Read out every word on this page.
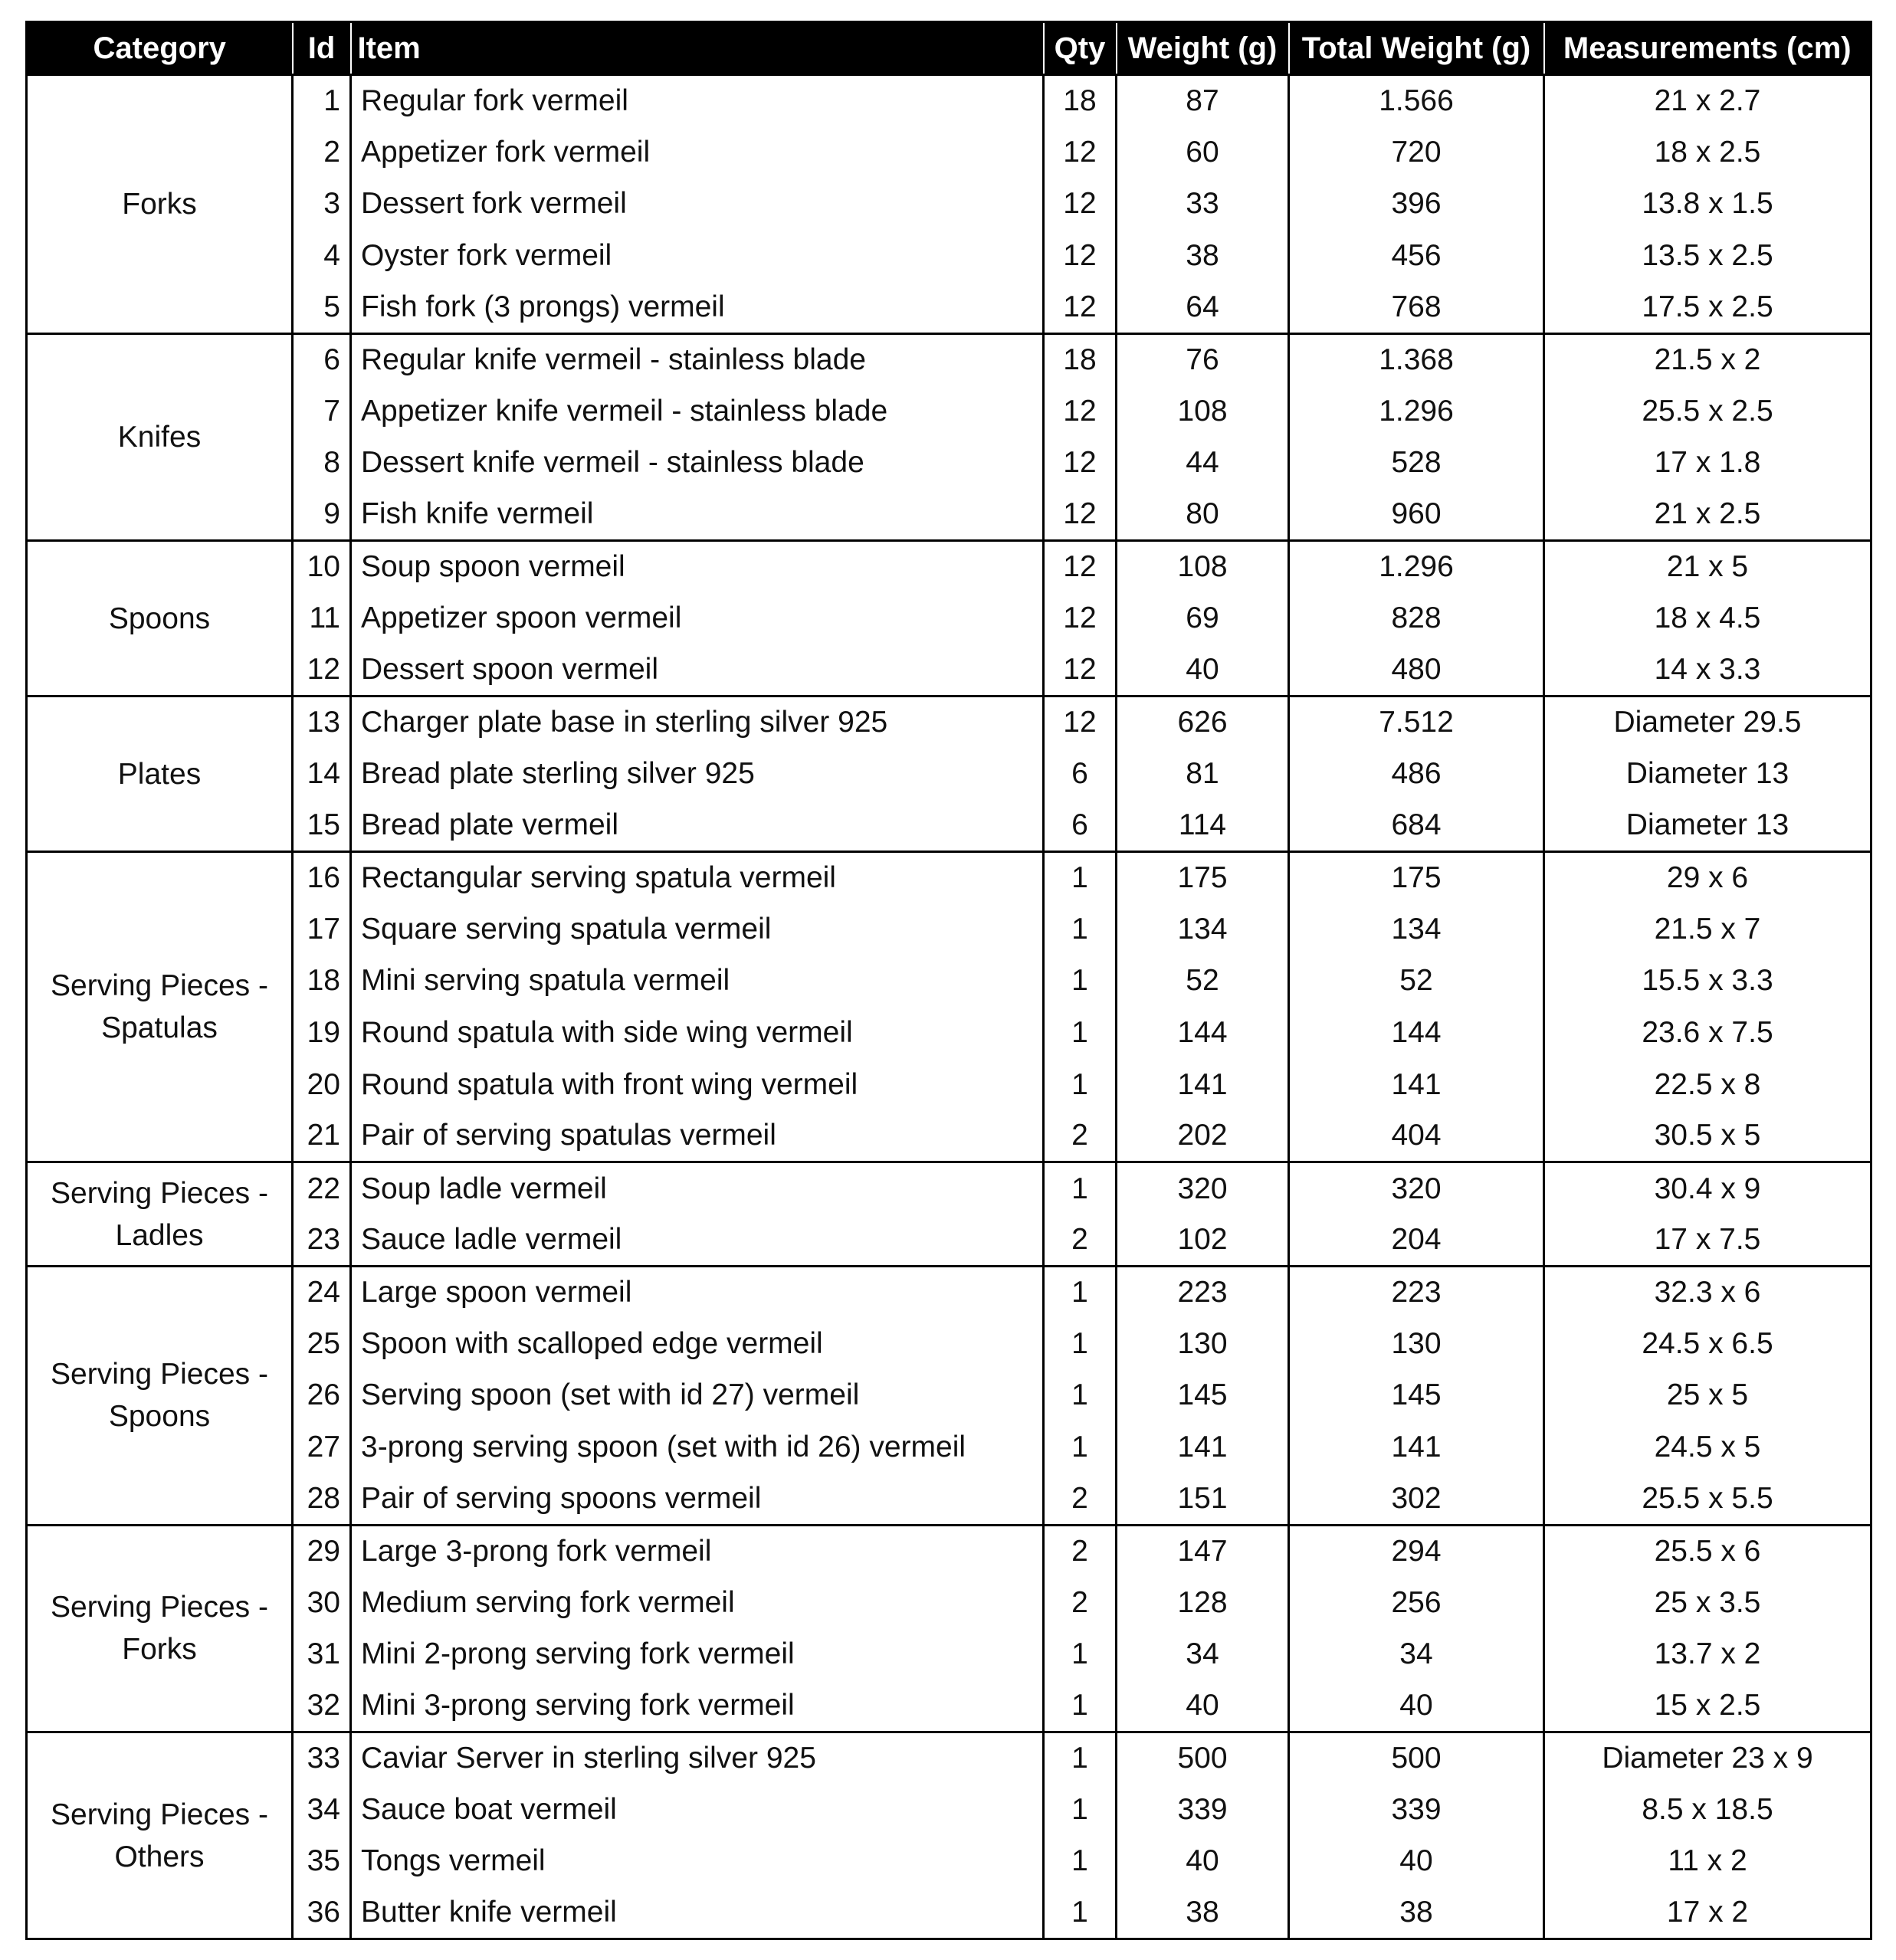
Category	Id	Item	Qty	Weight (g)	Total Weight (g)	Measurements (cm)
Forks	1	Regular fork vermeil	18	87	1.566	21 x 2.7
	2	Appetizer fork vermeil	12	60	720	18 x 2.5
	3	Dessert fork vermeil	12	33	396	13.8 x 1.5
	4	Oyster fork vermeil	12	38	456	13.5 x 2.5
	5	Fish fork (3 prongs) vermeil	12	64	768	17.5 x 2.5
Knifes	6	Regular knife vermeil - stainless blade	18	76	1.368	21.5 x 2
	7	Appetizer knife vermeil - stainless blade	12	108	1.296	25.5 x 2.5
	8	Dessert knife vermeil - stainless blade	12	44	528	17 x 1.8
	9	Fish knife vermeil	12	80	960	21 x 2.5
Spoons	10	Soup spoon vermeil	12	108	1.296	21 x 5
	11	Appetizer spoon vermeil	12	69	828	18 x 4.5
	12	Dessert spoon vermeil	12	40	480	14 x 3.3
Plates	13	Charger plate base in sterling silver 925	12	626	7.512	Diameter 29.5
	14	Bread plate sterling silver 925	6	81	486	Diameter 13
	15	Bread plate vermeil	6	114	684	Diameter 13
Serving Pieces - Spatulas	16	Rectangular serving spatula vermeil	1	175	175	29 x 6
	17	Square serving spatula vermeil	1	134	134	21.5 x 7
	18	Mini serving spatula vermeil	1	52	52	15.5 x 3.3
	19	Round spatula with side wing vermeil	1	144	144	23.6 x 7.5
	20	Round spatula with front wing vermeil	1	141	141	22.5 x 8
	21	Pair of serving spatulas vermeil	2	202	404	30.5 x 5
Serving Pieces - Ladles	22	Soup ladle vermeil	1	320	320	30.4 x 9
	23	Sauce ladle vermeil	2	102	204	17 x 7.5
Serving Pieces - Spoons	24	Large spoon vermeil	1	223	223	32.3 x 6
	25	Spoon with scalloped edge vermeil	1	130	130	24.5 x 6.5
	26	Serving spoon (set with id 27) vermeil	1	145	145	25 x 5
	27	3-prong serving spoon (set with id 26) vermeil	1	141	141	24.5 x 5
	28	Pair of serving spoons vermeil	2	151	302	25.5 x 5.5
Serving Pieces - Forks	29	Large 3-prong fork vermeil	2	147	294	25.5 x 6
	30	Medium serving fork vermeil	2	128	256	25 x 3.5
	31	Mini 2-prong serving fork vermeil	1	34	34	13.7 x 2
	32	Mini 3-prong serving fork vermeil	1	40	40	15 x 2.5
Serving Pieces - Others	33	Caviar Server in sterling silver 925	1	500	500	Diameter 23 x 9
	34	Sauce boat vermeil	1	339	339	8.5 x 18.5
	35	Tongs vermeil	1	40	40	11 x 2
	36	Butter knife vermeil	1	38	38	17 x 2
